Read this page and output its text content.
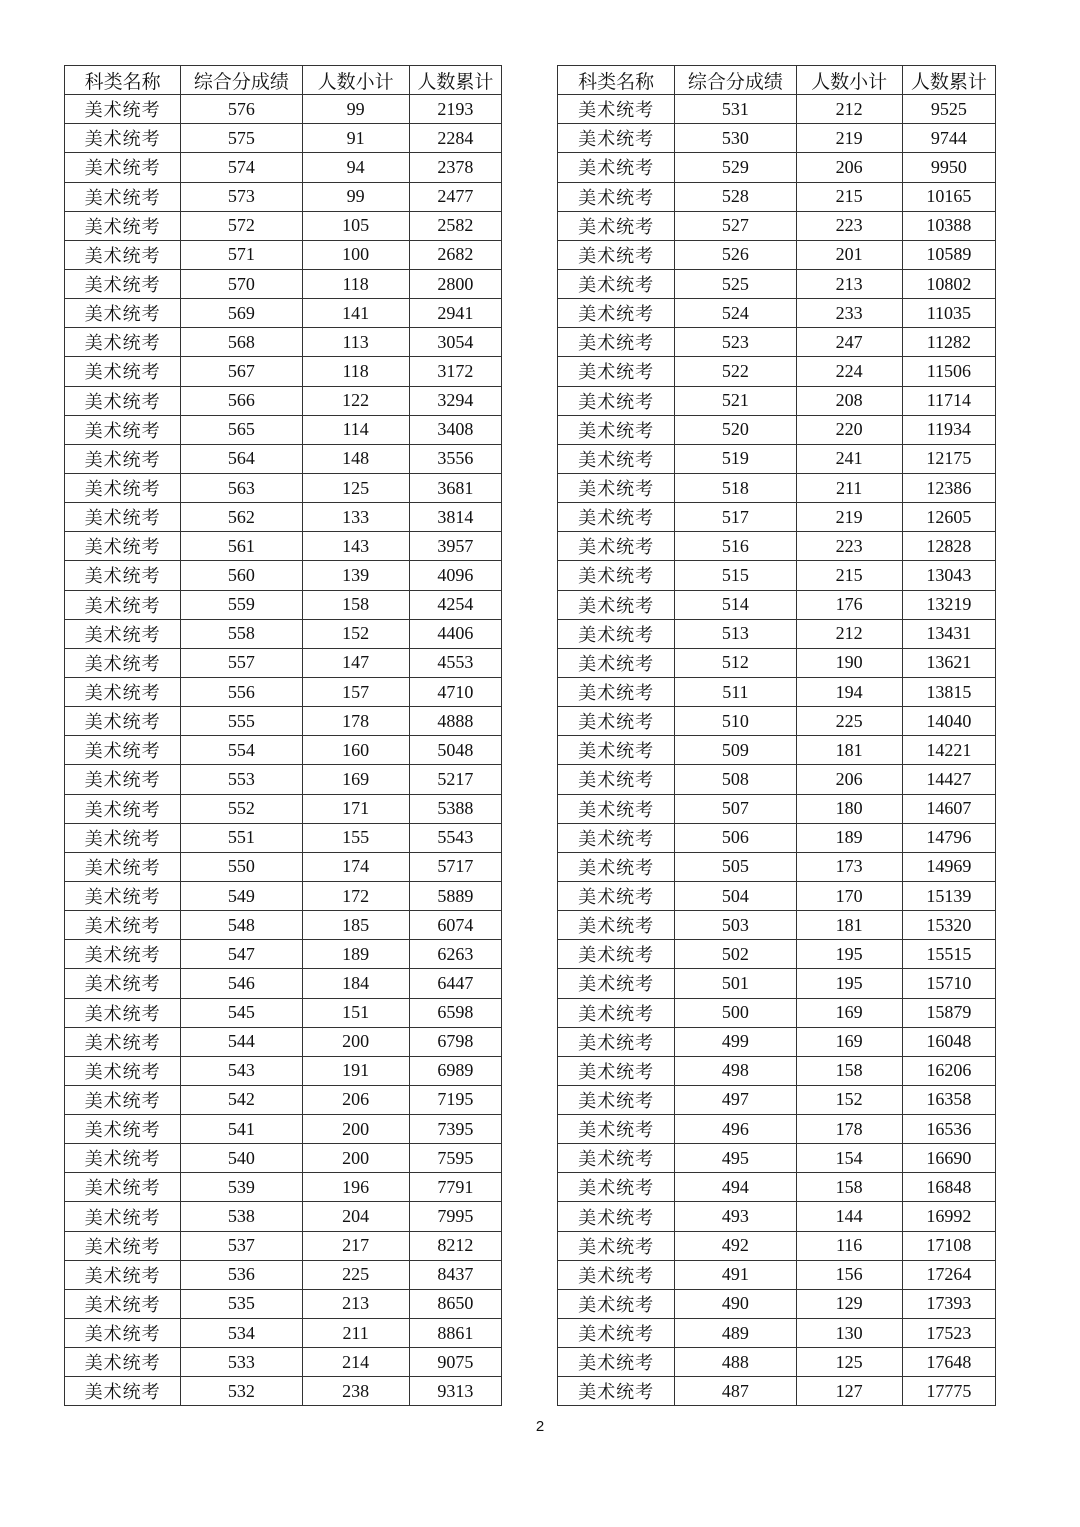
科类名称	综合分成绩	人数小计	人数累计
美术统考	576	99	2193
美术统考	575	91	2284
美术统考	574	94	2378
美术统考	573	99	2477
美术统考	572	105	2582
美术统考	571	100	2682
美术统考	570	118	2800
美术统考	569	141	2941
美术统考	568	113	3054
美术统考	567	118	3172
美术统考	566	122	3294
美术统考	565	114	3408
美术统考	564	148	3556
美术统考	563	125	3681
美术统考	562	133	3814
美术统考	561	143	3957
美术统考	560	139	4096
美术统考	559	158	4254
美术统考	558	152	4406
美术统考	557	147	4553
美术统考	556	157	4710
美术统考	555	178	4888
美术统考	554	160	5048
美术统考	553	169	5217
美术统考	552	171	5388
美术统考	551	155	5543
美术统考	550	174	5717
美术统考	549	172	5889
美术统考	548	185	6074
美术统考	547	189	6263
美术统考	546	184	6447
美术统考	545	151	6598
美术统考	544	200	6798
美术统考	543	191	6989
美术统考	542	206	7195
美术统考	541	200	7395
美术统考	540	200	7595
美术统考	539	196	7791
美术统考	538	204	7995
美术统考	537	217	8212
美术统考	536	225	8437
美术统考	535	213	8650
美术统考	534	211	8861
美术统考	533	214	9075
美术统考	532	238	9313
科类名称	综合分成绩	人数小计	人数累计
美术统考	531	212	9525
美术统考	530	219	9744
美术统考	529	206	9950
美术统考	528	215	10165
美术统考	527	223	10388
美术统考	526	201	10589
美术统考	525	213	10802
美术统考	524	233	11035
美术统考	523	247	11282
美术统考	522	224	11506
美术统考	521	208	11714
美术统考	520	220	11934
美术统考	519	241	12175
美术统考	518	211	12386
美术统考	517	219	12605
美术统考	516	223	12828
美术统考	515	215	13043
美术统考	514	176	13219
美术统考	513	212	13431
美术统考	512	190	13621
美术统考	511	194	13815
美术统考	510	225	14040
美术统考	509	181	14221
美术统考	508	206	14427
美术统考	507	180	14607
美术统考	506	189	14796
美术统考	505	173	14969
美术统考	504	170	15139
美术统考	503	181	15320
美术统考	502	195	15515
美术统考	501	195	15710
美术统考	500	169	15879
美术统考	499	169	16048
美术统考	498	158	16206
美术统考	497	152	16358
美术统考	496	178	16536
美术统考	495	154	16690
美术统考	494	158	16848
美术统考	493	144	16992
美术统考	492	116	17108
美术统考	491	156	17264
美术统考	490	129	17393
美术统考	489	130	17523
美术统考	488	125	17648
美术统考	487	127	17775
2
